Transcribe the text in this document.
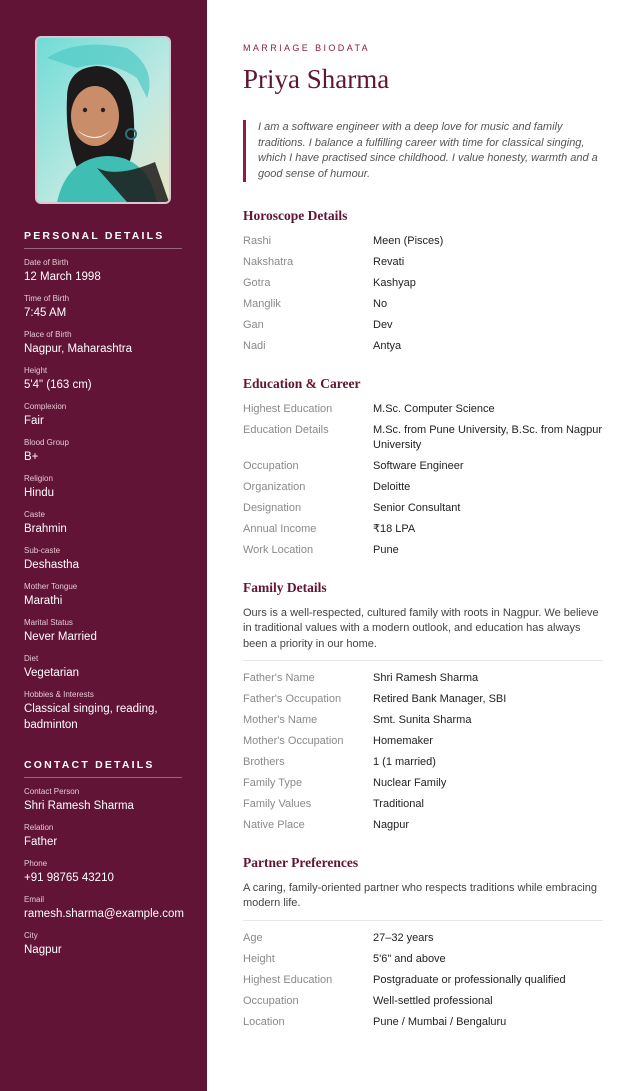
PERSONAL DETAILS
Date of Birth
12 March 1998
Time of Birth
7:45 AM
Place of Birth
Nagpur, Maharashtra
Height
5'4" (163 cm)
Complexion
Fair
Blood Group
B+
Religion
Hindu
Caste
Brahmin
Sub-caste
Deshastha
Mother Tongue
Marathi
Marital Status
Never Married
Diet
Vegetarian
Hobbies & Interests
Classical singing, reading, badminton
CONTACT DETAILS
Contact Person
Shri Ramesh Sharma
Relation
Father
Phone
+91 98765 43210
Email
ramesh.sharma@example.com
City
Nagpur
MARRIAGE BIODATA
Priya Sharma
I am a software engineer with a deep love for music and family traditions. I balance a fulfilling career with time for classical singing, which I have practised since childhood. I value honesty, warmth and a good sense of humour.
Horoscope Details
Rashi	Meen (Pisces)
Nakshatra	Revati
Gotra	Kashyap
Manglik	No
Gan	Dev
Nadi	Antya
Education & Career
Highest Education	M.Sc. Computer Science
Education Details	M.Sc. from Pune University, B.Sc. from Nagpur University
Occupation	Software Engineer
Organization	Deloitte
Designation	Senior Consultant
Annual Income	₹18 LPA
Work Location	Pune
Family Details
Ours is a well-respected, cultured family with roots in Nagpur. We believe in traditional values with a modern outlook, and education has always been a priority in our home.
Father's Name	Shri Ramesh Sharma
Father's Occupation	Retired Bank Manager, SBI
Mother's Name	Smt. Sunita Sharma
Mother's Occupation	Homemaker
Brothers	1 (1 married)
Family Type	Nuclear Family
Family Values	Traditional
Native Place	Nagpur
Partner Preferences
A caring, family-oriented partner who respects traditions while embracing modern life.
Age	27–32 years
Height	5'6" and above
Highest Education	Postgraduate or professionally qualified
Occupation	Well-settled professional
Location	Pune / Mumbai / Bengaluru
